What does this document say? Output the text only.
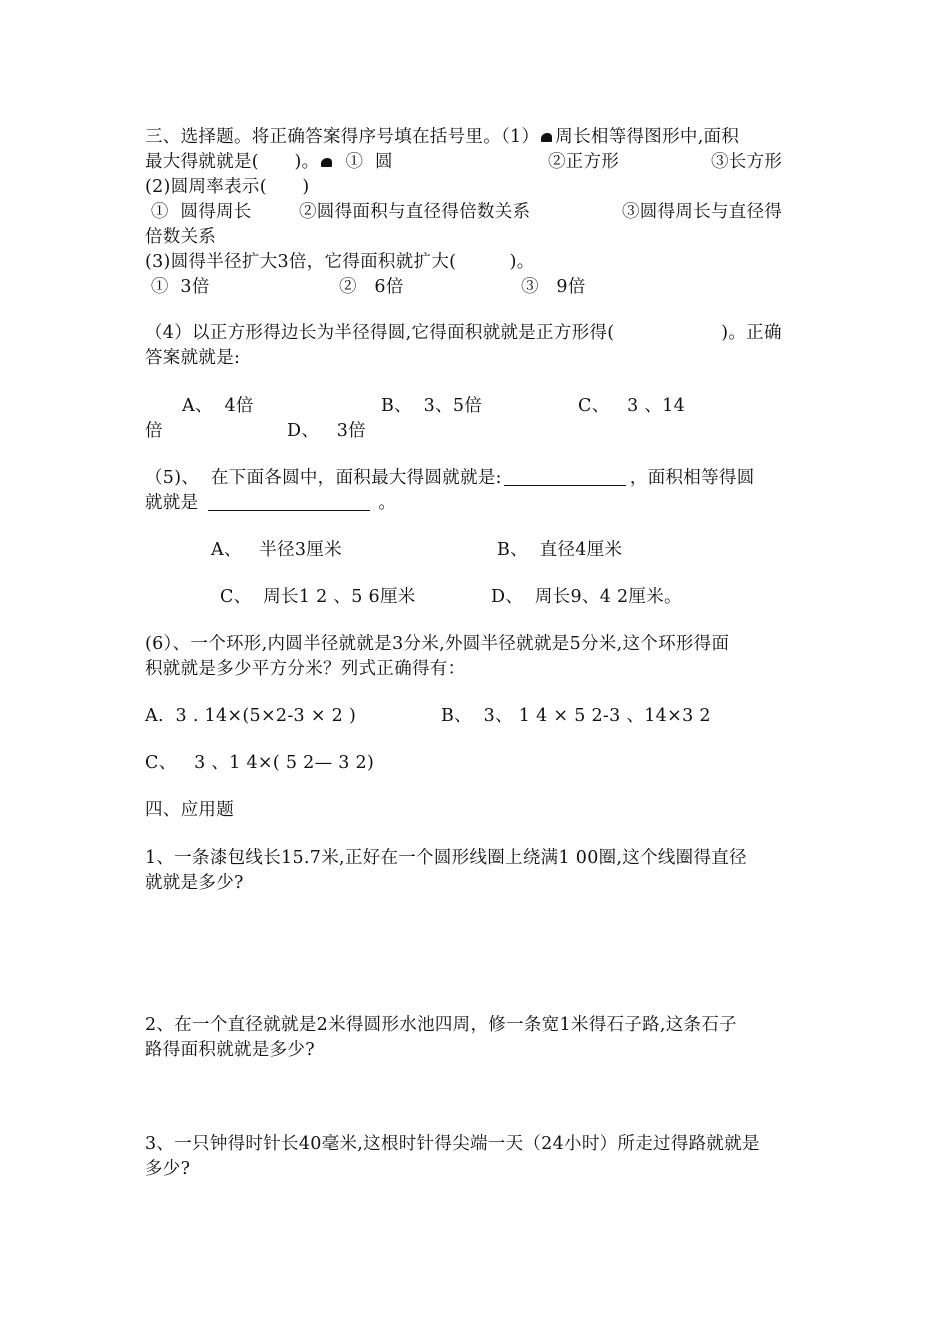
三、选择题。将正确答案得序号填在括号里。（1） 周长相等得图形中,面积
最大得就就是(　　)。 ①  圆	②正方形	③长方形
(2)圆周率表示(　　)
①  圆得周长	②圆得面积与直径得倍数关系	③圆得周长与直径得
倍数关系
(3)圆得半径扩大3倍，它得面积就扩大(　　　)。
①  3倍	②   6倍	③   9倍
（4）以正方形得边长为半径得圆,它得面积就就是正方形得(　　　　　　)。正确
答案就就是:
A、  4倍	B、  3、5倍	C、   3 、14
倍	D、   3倍
（5)、  在下面各圆中，面积最大得圆就就是:	，面积相等得圆
就就是	。
A、   半径3厘米	B、  直径4厘米
C、  周长1 2 、5 6厘米	D、  周长9、4 2厘米。
(6）、一个环形,内圆半径就就是3分米,外圆半径就就是5分米,这个环形得面
积就就是多少平方分米？列式正确得有：
A.  3 . 14×(5×2-3 × 2 )	B、  3、 1 4 × 5 2-3 、14×3 2
C、   3 、1 4×( 5 2— 3 2)
四、应用题
1、一条漆包线长15.7米,正好在一个圆形线圈上绕满1 00圈,这个线圈得直径
就就是多少?
2、在一个直径就就是2米得圆形水池四周，修一条宽1米得石子路,这条石子
路得面积就就是多少?
3、一只钟得时针长40毫米,这根时针得尖端一天（24小时）所走过得路就就是
多少?
